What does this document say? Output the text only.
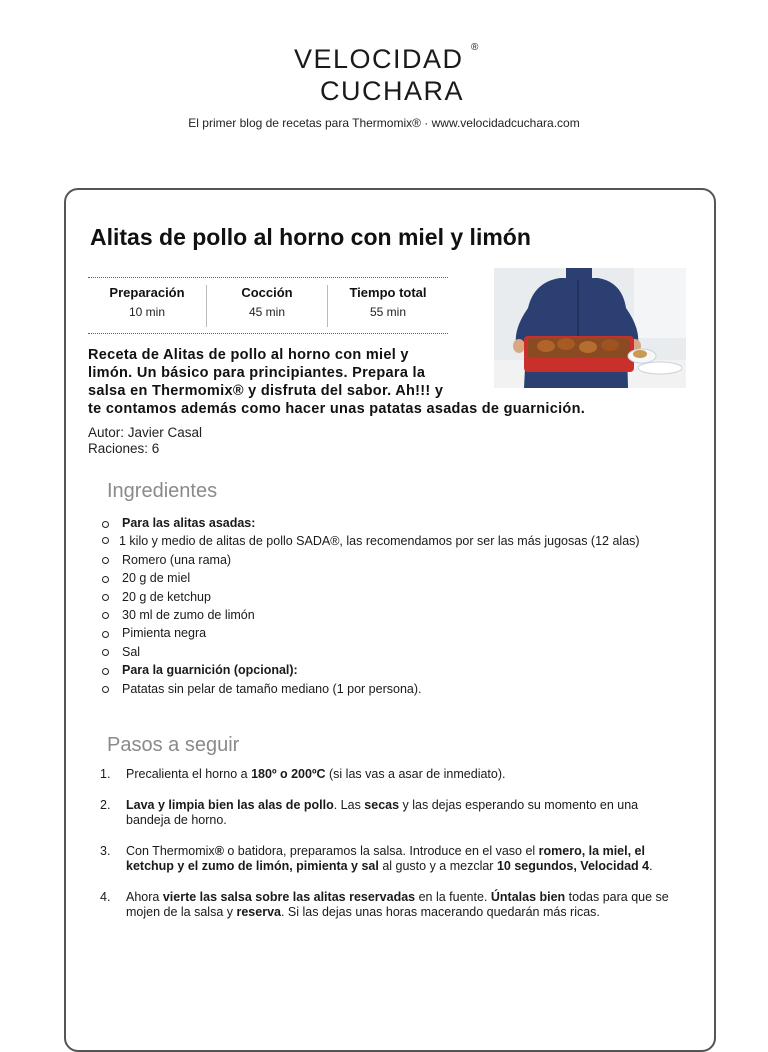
VELOCIDAD ®
CUCHARA
El primer blog de recetas para Thermomix® · www.velocidadcuchara.com
Alitas de pollo al horno con miel y limón
Preparación
10 min
Cocción
45 min
Tiempo total
55 min
Receta de Alitas de pollo al horno con miel y
limón. Un básico para principiantes. Prepara la
salsa en Thermomix® y disfruta del sabor. Ah!!! y
te contamos además como hacer unas patatas asadas de guarnición.
Autor: Javier Casal
Raciones: 6
Ingredientes
Para las alitas asadas:
1 kilo y medio de alitas de pollo SADA®, las recomendamos por ser las más jugosas (12 alas)
Romero (una rama)
20 g de miel
20 g de ketchup
30 ml de zumo de limón
Pimienta negra
Sal
Para la guarnición (opcional):
Patatas sin pelar de tamaño mediano (1 por persona).
Pasos a seguir
1. Precalienta el horno a 180º o 200ºC (si las vas a asar de inmediato).
2. Lava y limpia bien las alas de pollo. Las secas y las dejas esperando su momento en una bandeja de horno.
3. Con Thermomix® o batidora, preparamos la salsa. Introduce en el vaso el romero, la miel, el ketchup y el zumo de limón, pimienta y sal al gusto y a mezclar 10 segundos, Velocidad 4.
4. Ahora vierte las salsa sobre las alitas reservadas en la fuente. Úntalas bien todas para que se mojen de la salsa y reserva. Si las dejas unas horas macerando quedarán más ricas.
